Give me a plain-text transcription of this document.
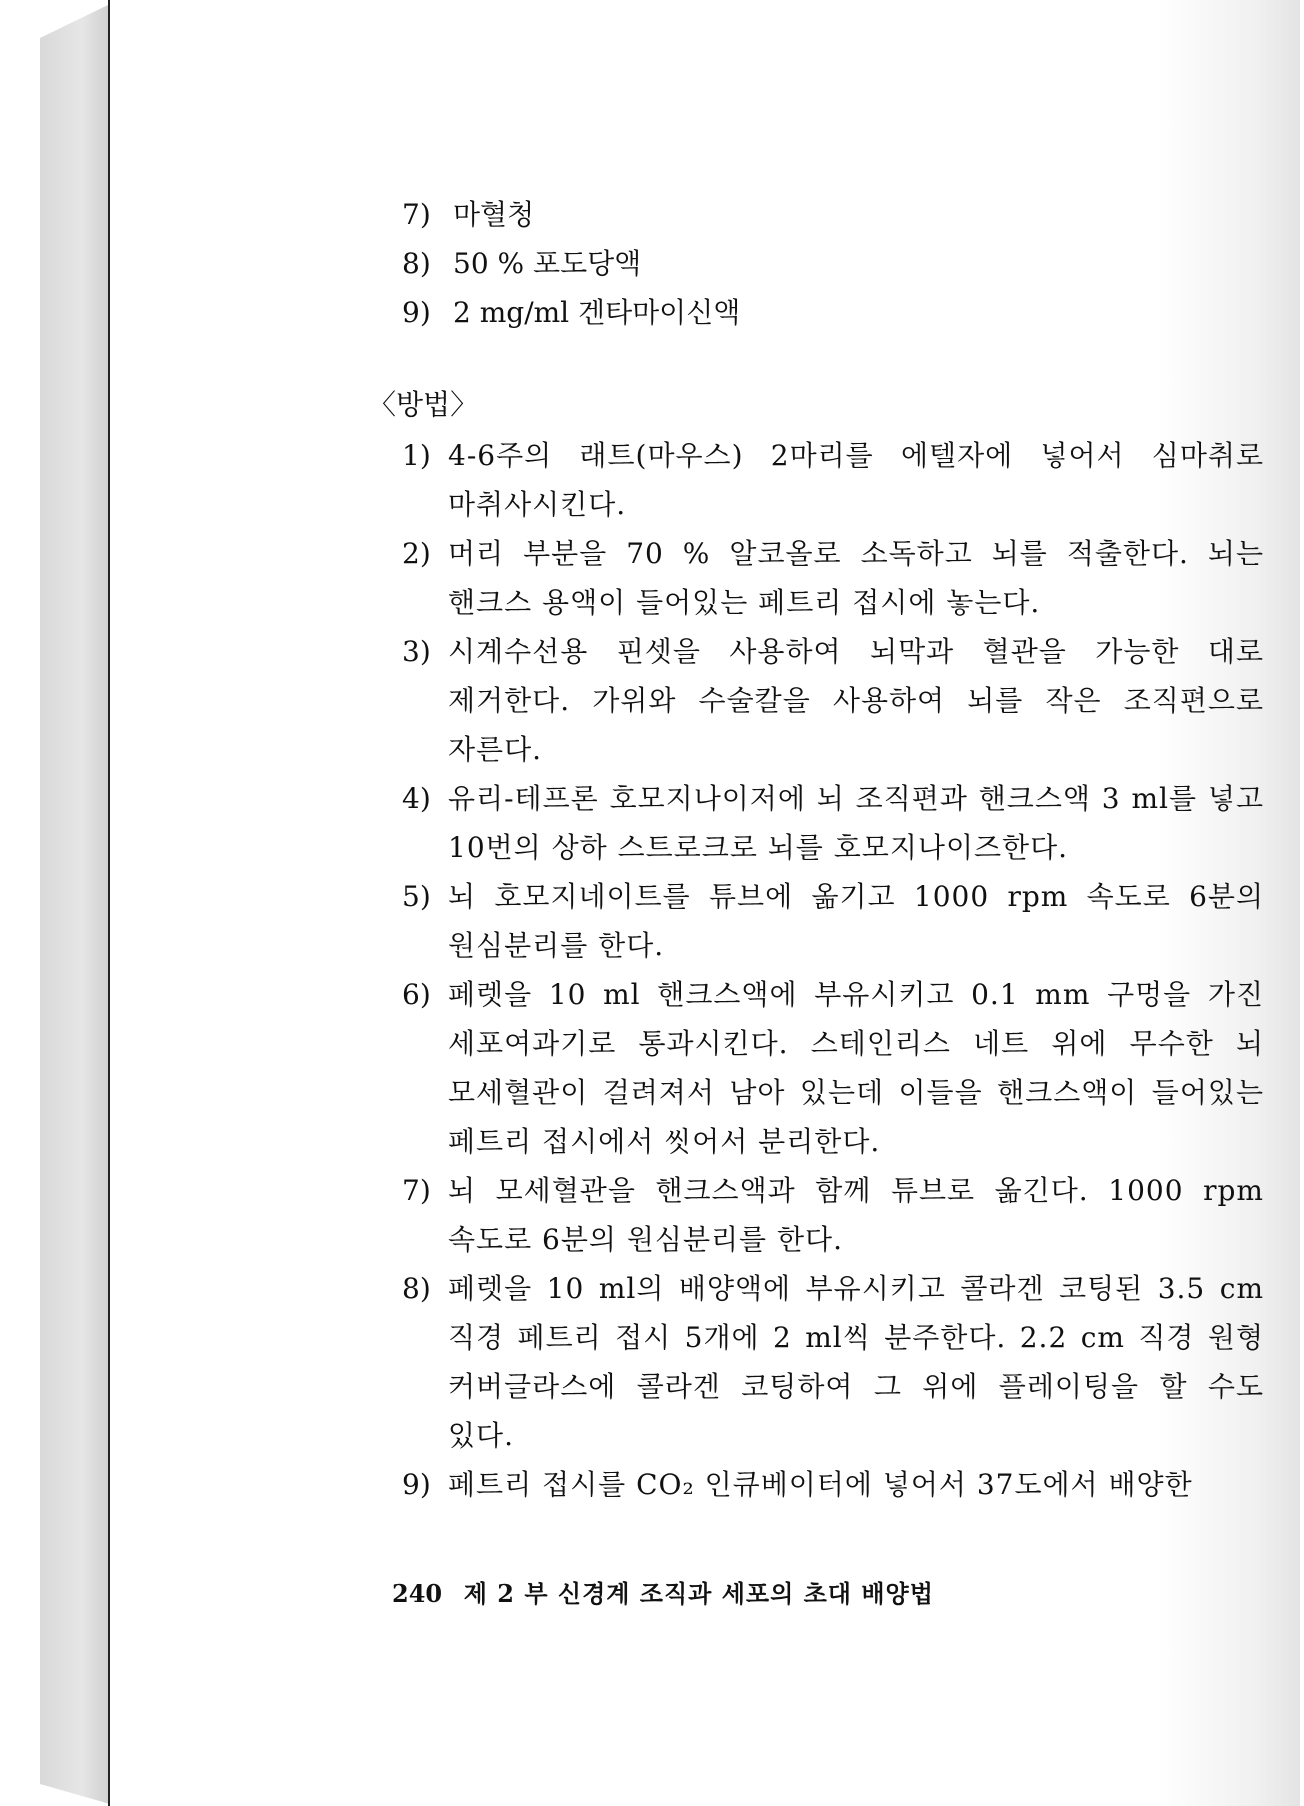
7) 마혈청
8) 50 % 포도당액
9) 2 mg/ml 겐타마이신액
〈방법〉
1) 4-6주의 래트(마우스) 2마리를 에텔자에 넣어서 심마취로 마취사시킨다.
2) 머리 부분을 70 % 알코올로 소독하고 뇌를 적출한다. 뇌는 핸크스 용액이 들어있는 페트리 접시에 놓는다.
3) 시계수선용 핀셋을 사용하여 뇌막과 혈관을 가능한 대로 제거한다. 가위와 수술칼을 사용하여 뇌를 작은 조직편으로 자른다.
4) 유리-테프론 호모지나이저에 뇌 조직편과 핸크스액 3 ml를 넣고 10번의 상하 스트로크로 뇌를 호모지나이즈한다.
5) 뇌 호모지네이트를 튜브에 옮기고 1000 rpm 속도로 6분의 원심분리를 한다.
6) 페렛을 10 ml 핸크스액에 부유시키고 0.1 mm 구멍을 가진 세포여과기로 통과시킨다. 스테인리스 네트 위에 무수한 뇌 모세혈관이 걸려져서 남아 있는데 이들을 핸크스액이 들어있는 페트리 접시에서 씻어서 분리한다.
7) 뇌 모세혈관을 핸크스액과 함께 튜브로 옮긴다. 1000 rpm 속도로 6분의 원심분리를 한다.
8) 페렛을 10 ml의 배양액에 부유시키고 콜라겐 코팅된 3.5 cm 직경 페트리 접시 5개에 2 ml씩 분주한다. 2.2 cm 직경 원형 커버글라스에 콜라겐 코팅하여 그 위에 플레이팅을 할 수도 있다.
9) 페트리 접시를 CO₂ 인큐베이터에 넣어서 37도에서 배양한
240 제 2 부 신경계 조직과 세포의 초대 배양법
